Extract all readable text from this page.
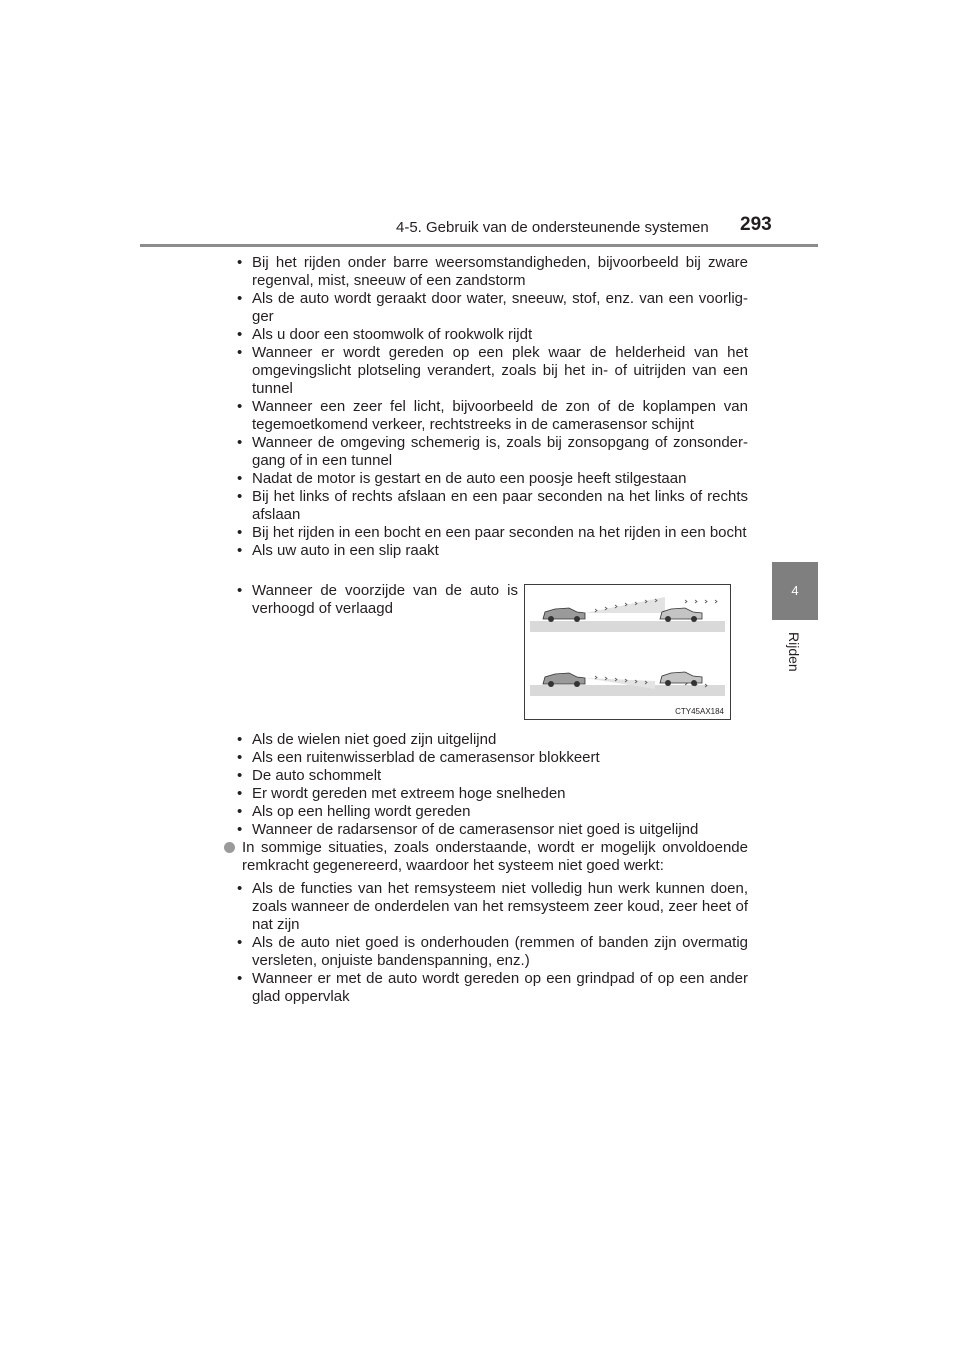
4-5. Gebruik van de ondersteunende systemen 293
4
Rijden
• Bij het rijden onder barre weersomstandigheden, bijvoorbeeld bij zware regenval, mist, sneeuw of een zandstorm
• Als de auto wordt geraakt door water, sneeuw, stof, enz. van een voorlig-ger
• Als u door een stoomwolk of rookwolk rijdt
• Wanneer er wordt gereden op een plek waar de helderheid van het omgevingslicht plotseling verandert, zoals bij het in- of uitrijden van een tunnel
• Wanneer een zeer fel licht, bijvoorbeeld de zon of de koplampen van tegemoetkomend verkeer, rechtstreeks in de camerasensor schijnt
• Wanneer de omgeving schemerig is, zoals bij zonsopgang of zonsonder-gang of in een tunnel
• Nadat de motor is gestart en de auto een poosje heeft stilgestaan
• Bij het links of rechts afslaan en een paar seconden na het links of rechts afslaan
• Bij het rijden in een bocht en een paar seconden na het rijden in een bocht
• Als uw auto in een slip raakt
• Wanneer de voorzijde van de auto is verhoogd of verlaagd
CTY45AX184
• Als de wielen niet goed zijn uitgelijnd
• Als een ruitenwisserblad de camerasensor blokkeert
• De auto schommelt
• Er wordt gereden met extreem hoge snelheden
• Als op een helling wordt gereden
• Wanneer de radarsensor of de camerasensor niet goed is uitgelijnd
In sommige situaties, zoals onderstaande, wordt er mogelijk onvoldoende remkracht gegenereerd, waardoor het systeem niet goed werkt:
• Als de functies van het remsysteem niet volledig hun werk kunnen doen, zoals wanneer de onderdelen van het remsysteem zeer koud, zeer heet of nat zijn
• Als de auto niet goed is onderhouden (remmen of banden zijn overmatig versleten, onjuiste bandenspanning, enz.)
• Wanneer er met de auto wordt gereden op een grindpad of op een ander glad oppervlak
